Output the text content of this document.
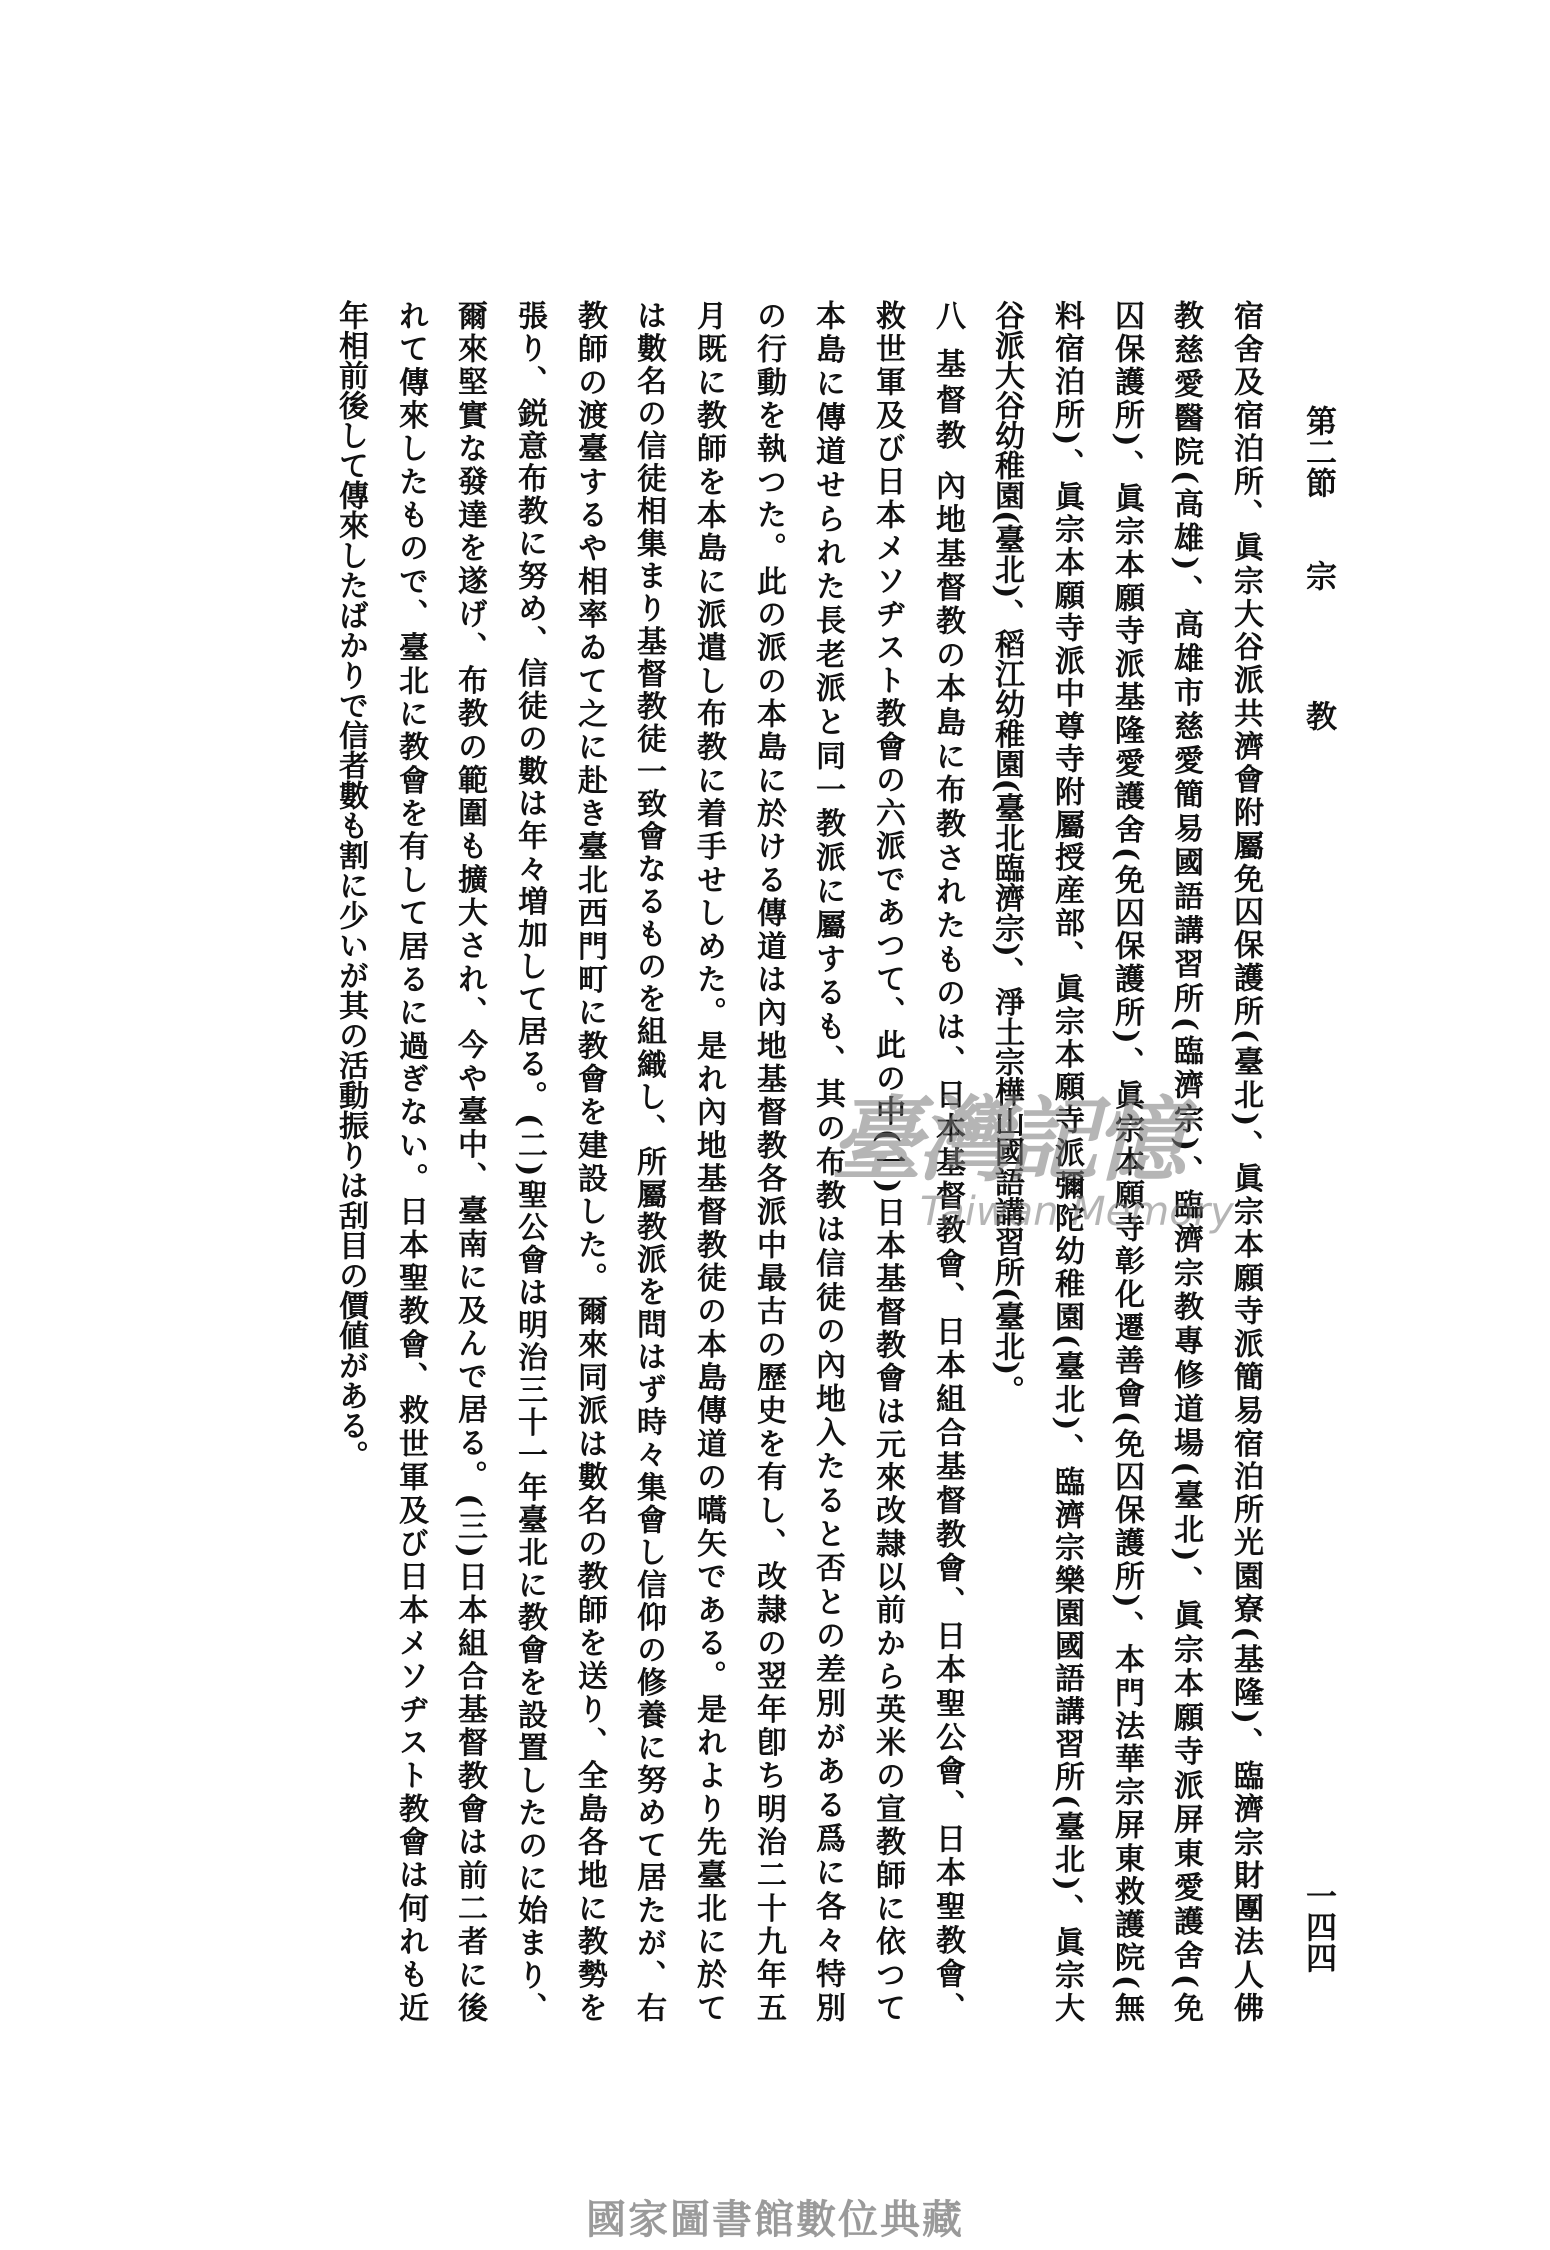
第二節
宗
教
一四四
宿舍及宿泊所、眞宗大谷派共濟會附屬免囚保護所(臺北)、眞宗本願寺派簡易宿泊所光園寮(基隆)、臨濟宗財團法人佛
教慈愛醫院(高雄)、高雄市慈愛簡易國語講習所(臨濟宗)、臨濟宗教專修道場(臺北)、眞宗本願寺派屏東愛護舍(免
囚保護所)、眞宗本願寺派基隆愛護舍(免囚保護所)、眞宗本願寺彰化遷善會(免囚保護所)、本門法華宗屏東救護院(無
料宿泊所)、眞宗本願寺派中尊寺附屬授産部、眞宗本願寺派彌陀幼稚園(臺北)、臨濟宗樂園國語講習所(臺北)、眞宗大
谷派大谷幼稚園(臺北)、稻江幼稚園(臺北臨濟宗)、淨土宗樺山國語講習所(臺北)。
八 基督教 內地基督教の本島に布教されたものは、日本基督教會、日本組合基督教會、日本聖公會、日本聖教會、
救世軍及び日本メソヂスト教會の六派であつて、此の中(一)日本基督教會は元來改隷以前から英米の宣教師に依つて
本島に傳道せられた長老派と同一教派に屬するも、其の布教は信徒の內地入たると否との差別がある爲に各々特別
の行動を執つた。此の派の本島に於ける傳道は內地基督教各派中最古の歷史を有し、改隷の翌年卽ち明治二十九年五
月既に教師を本島に派遣し布教に着手せしめた。是れ內地基督教徒の本島傳道の嚆矢である。是れより先臺北に於て
は數名の信徒相集まり基督教徒一致會なるものを組織し、所屬教派を問はず時々集會し信仰の修養に努めて居たが、右
教師の渡臺するや相率ゐて之に赴き臺北西門町に教會を建設した。爾來同派は數名の教師を送り、全島各地に教勢を
張り、鋭意布教に努め、信徒の數は年々増加して居る。(二)聖公會は明治三十一年臺北に教會を設置したのに始まり、
爾來堅實な發達を遂げ、布教の範圍も擴大され、今や臺中、臺南に及んで居る。(三)日本組合基督教會は前二者に後
れて傳來したもので、臺北に教會を有して居るに過ぎない。日本聖教會、救世軍及び日本メソヂスト教會は何れも近
年相前後して傳來したばかりで信者數も割に少いが其の活動振りは刮目の價値がある。	臺灣記憶
Taiwan Memory
國家圖書館數位典藏
